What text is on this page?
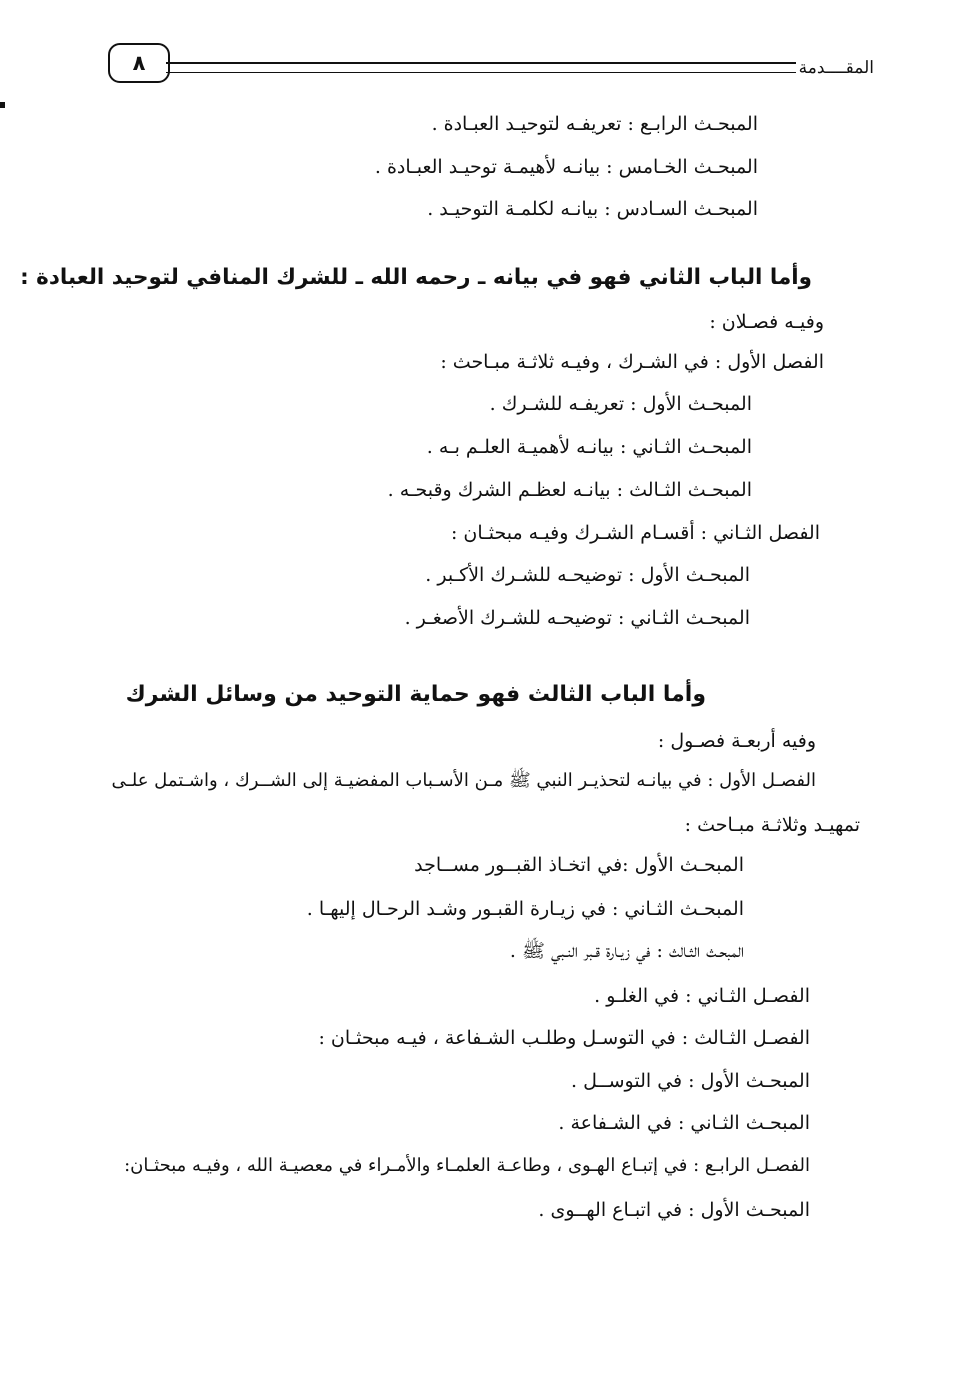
٨	المقــــدمة
المبحـث الرابـع : تعريفـه لتوحيـد العبـادة .
المبحـث الخـامس : بيانـه لأهيمـة توحيـد العبـادة .
المبحـث السـادس : بيانـه لكلمـة التوحيـد .
وأما الباب الثاني فهو في بيانه ـ رحمه الله ـ للشرك المنافي لتوحيد العبادة :
وفيـه فصـلان :
الفصل الأول : في الشـرك ، وفيـه ثلاثـة مبـاحث :
المبحـث الأول : تعريفـه للشـرك .
المبحـث الثـاني : بيانـه لأهميـة العلـم بـه .
المبحـث الثـالث : بيانـه لعظـم الشرك وقبحـه .
الفصل الثـاني : أقسـام الشـرك وفيـه مبحثـان :
المبحـث الأول : توضيحـه للشـرك الأكـبر .
المبحـث الثـاني : توضيحـه للشـرك الأصغـر .
وأما الباب الثالث فهو حماية التوحيد من وسائل الشرك
وفيه أربعـة فصـول :
الفصـل الأول : في بيانـه لتحذيـر النبي ﷺ مـن الأسـباب المفضيـة إلى الشــرك ، واشـتمل علـى
تمهيـد وثلاثـة مبـاحث :
المبحـث الأول :في اتخـاذ القبــور مســاجد
المبحـث الثـاني : في زيـارة القبـور وشـد الرحـال إليهـا .
المبحـث الثـالث : في زيـارة قـبر النـبي ﷺ .
الفصـل الثـاني : في الغلـو .
الفصـل الثـالث : في التوسـل وطلـب الشـفاعة ، فيـه مبحثـان :
المبحـث الأول : في التوســل .
المبحـث الثـاني : في الشـفاعة .
الفصـل الرابـع : في إتبـاع الهـوى ، وطاعـة العلمـاء والأمـراء في معصيـة الله ، وفيـه مبحثـان:
المبحـث الأول : في اتبـاع الهــوى .
